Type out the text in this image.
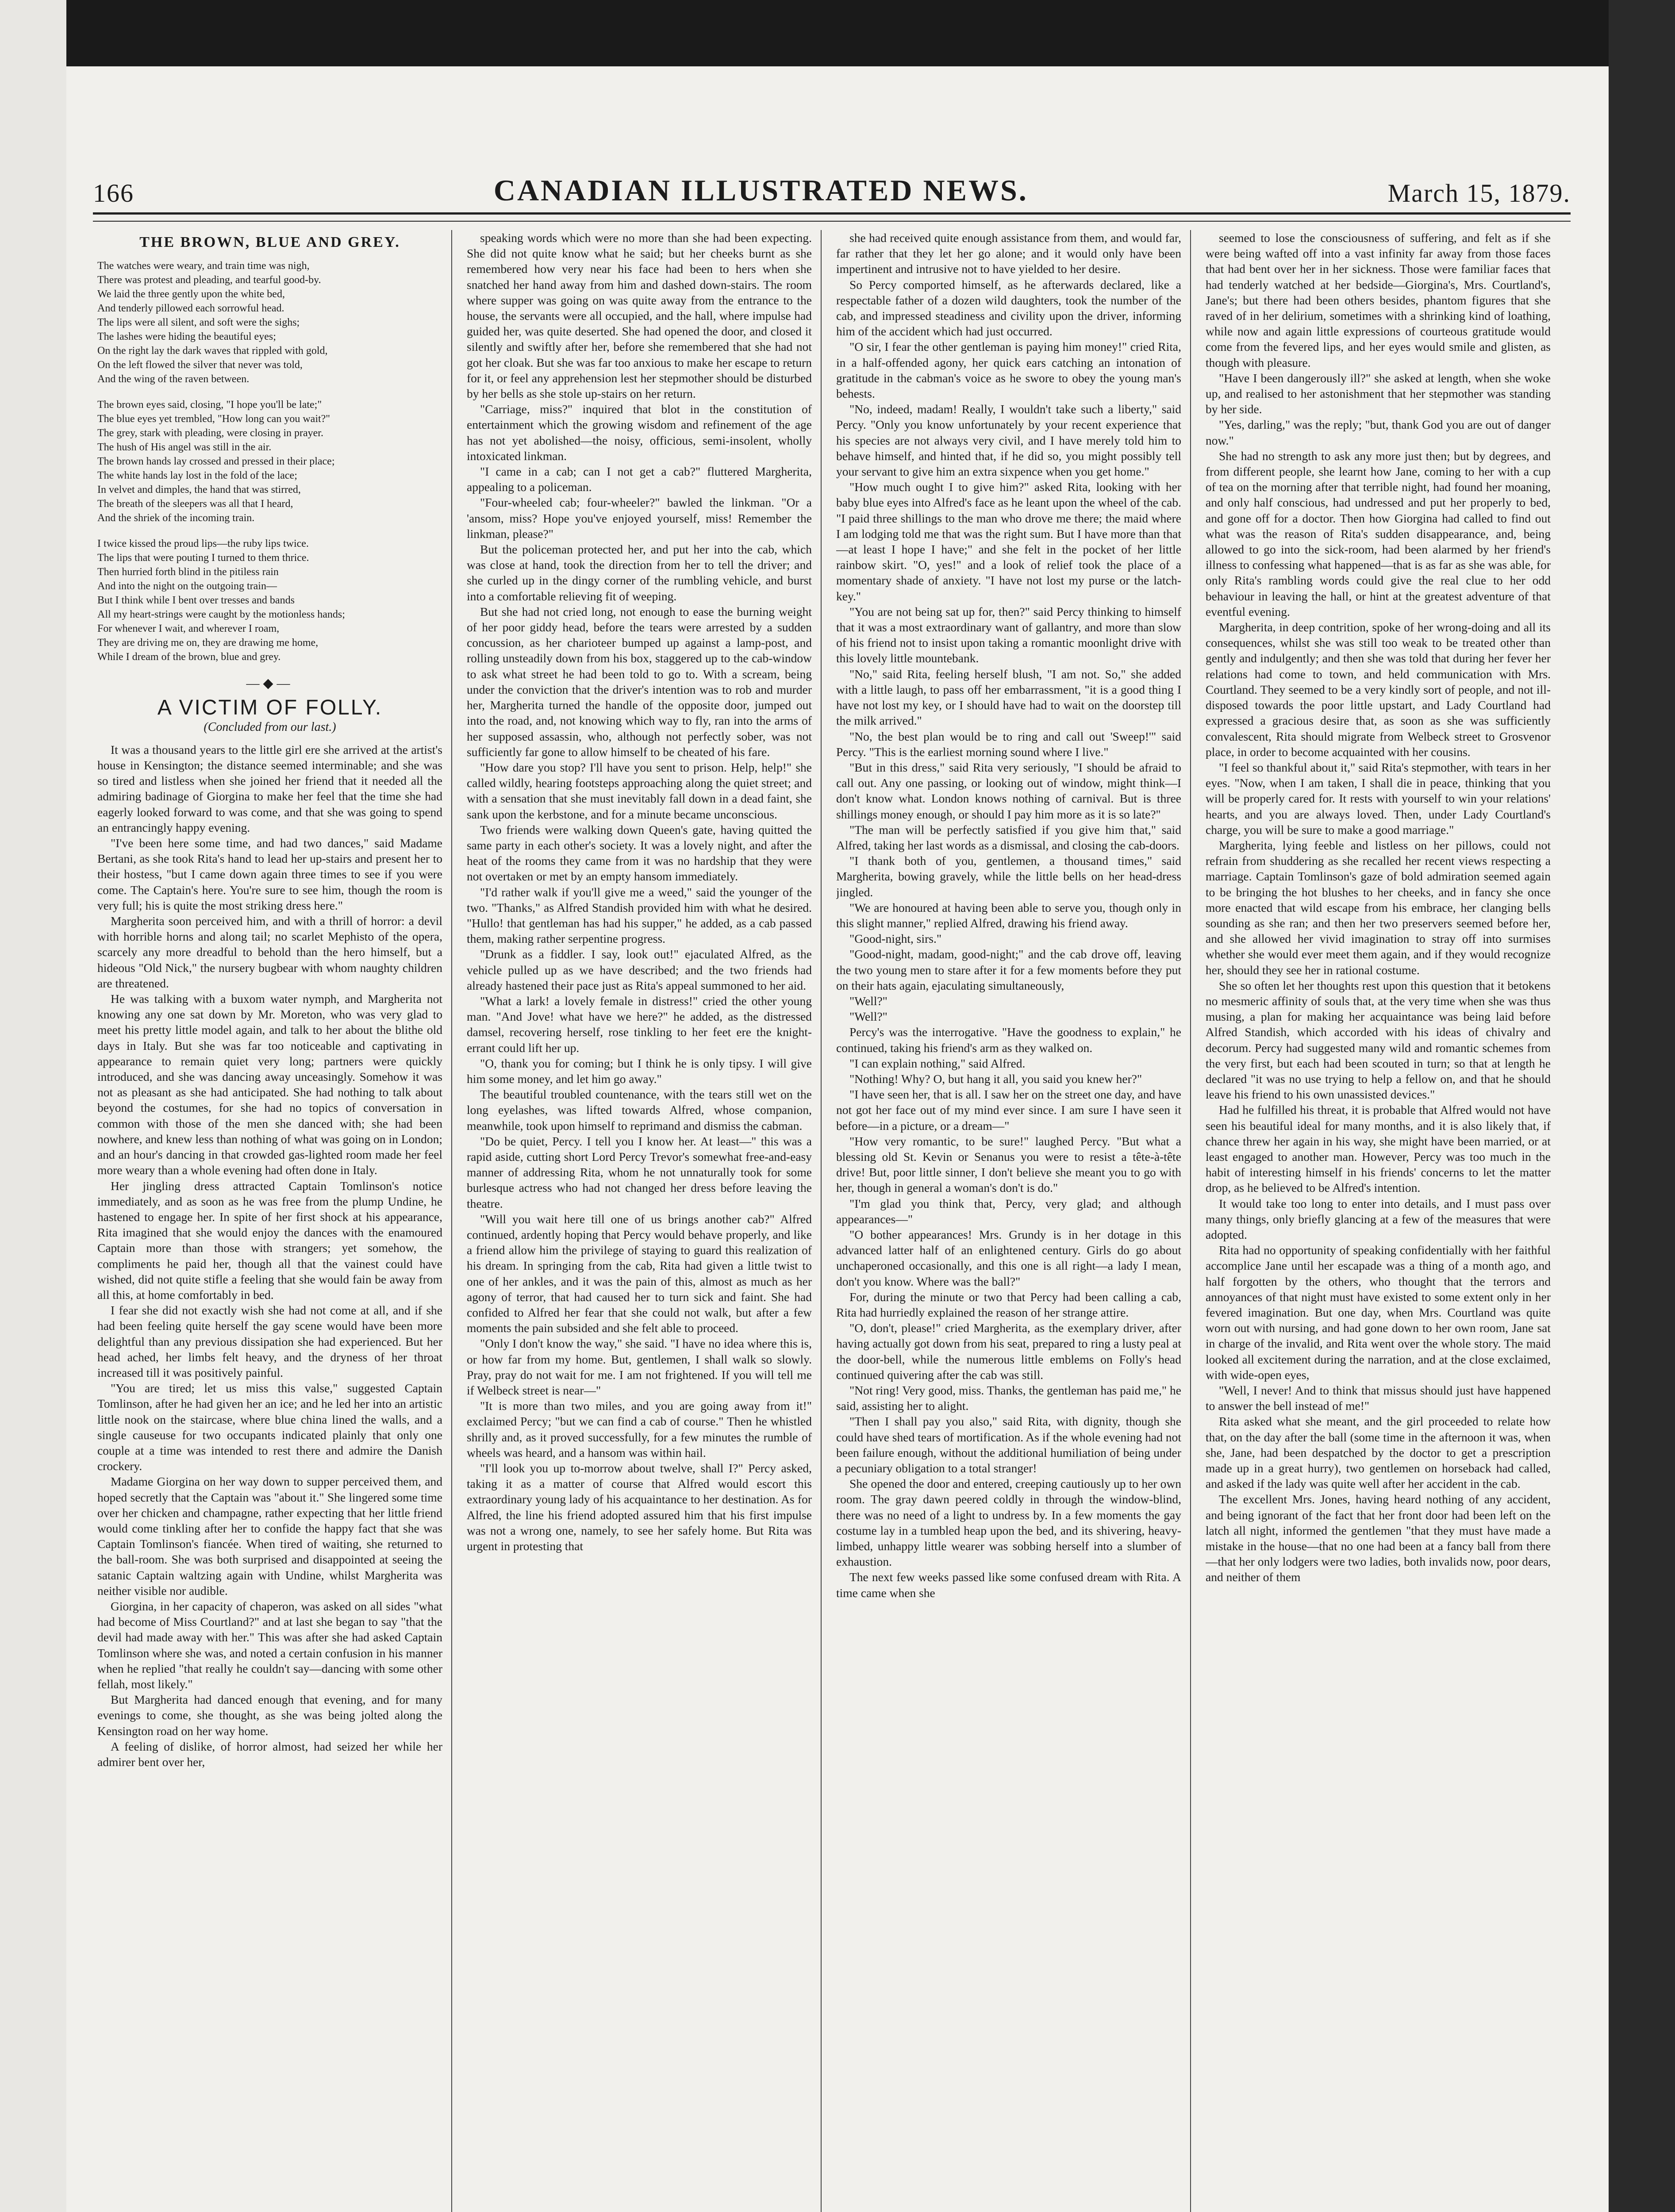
166	CANADIAN ILLUSTRATED NEWS.	March 15, 1879.
THE BROWN, BLUE AND GREY.
The watches were weary, and train time was nigh,
There was protest and pleading, and tearful good-by.
We laid the three gently upon the white bed,
And tenderly pillowed each sorrowful head.
The lips were all silent, and soft were the sighs;
The lashes were hiding the beautiful eyes;
On the right lay the dark waves that rippled with gold,
On the left flowed the silver that never was told,
And the wing of the raven between.
The brown eyes said, closing, "I hope you'll be late;"
The blue eyes yet trembled, "How long can you wait?"
The grey, stark with pleading, were closing in prayer.
The hush of His angel was still in the air.
The brown hands lay crossed and pressed in their place;
The white hands lay lost in the fold of the lace;
In velvet and dimples, the hand that was stirred,
The breath of the sleepers was all that I heard,
And the shriek of the incoming train.
I twice kissed the proud lips—the ruby lips twice.
The lips that were pouting I turned to them thrice.
Then hurried forth blind in the pitiless rain
And into the night on the outgoing train—
But I think while I bent over tresses and bands
All my heart-strings were caught by the motionless hands;
For whenever I wait, and wherever I roam,
They are driving me on, they are drawing me home,
While I dream of the brown, blue and grey.
—◆—
A VICTIM OF FOLLY.
(Concluded from our last.)

It was a thousand years to the little girl ere she arrived at the artist's house in Kensington; the distance seemed interminable; and she was so tired and listless when she joined her friend that it needed all the admiring badinage of Giorgina to make her feel that the time she had eagerly looked forward to was come, and that she was going to spend an entrancingly happy evening.

"I've been here some time, and had two dances," said Madame Bertani, as she took Rita's hand to lead her up-stairs and present her to their hostess, "but I came down again three times to see if you were come. The Captain's here. You're sure to see him, though the room is very full; his is quite the most striking dress here."

Margherita soon perceived him, and with a thrill of horror: a devil with horrible horns and along tail; no scarlet Mephisto of the opera, scarcely any more dreadful to behold than the hero himself, but a hideous "Old Nick," the nursery bugbear with whom naughty children are threatened.

He was talking with a buxom water nymph, and Margherita not knowing any one sat down by Mr. Moreton, who was very glad to meet his pretty little model again, and talk to her about the blithe old days in Italy. But she was far too noticeable and captivating in appearance to remain quiet very long; partners were quickly introduced, and she was dancing away unceasingly. Somehow it was not as pleasant as she had anticipated. She had nothing to talk about beyond the costumes, for she had no topics of conversation in common with those of the men she danced with; she had been nowhere, and knew less than nothing of what was going on in London; and an hour's dancing in that crowded gas-lighted room made her feel more weary than a whole evening had often done in Italy.

Her jingling dress attracted Captain Tomlinson's notice immediately, and as soon as he was free from the plump Undine, he hastened to engage her. In spite of her first shock at his appearance, Rita imagined that she would enjoy the dances with the enamoured Captain more than those with strangers; yet somehow, the compliments he paid her, though all that the vainest could have wished, did not quite stifle a feeling that she would fain be away from all this, at home comfortably in bed.

I fear she did not exactly wish she had not come at all, and if she had been feeling quite herself the gay scene would have been more delightful than any previous dissipation she had experienced. But her head ached, her limbs felt heavy, and the dryness of her throat increased till it was positively painful.

"You are tired; let us miss this valse," suggested Captain Tomlinson, after he had given her an ice; and he led her into an artistic little nook on the staircase, where blue china lined the walls, and a single causeuse for two occupants indicated plainly that only one couple at a time was intended to rest there and admire the Danish crockery.

Madame Giorgina on her way down to supper perceived them, and hoped secretly that the Captain was "about it." She lingered some time over her chicken and champagne, rather expecting that her little friend would come tinkling after her to confide the happy fact that she was Captain Tomlinson's fiancée. When tired of waiting, she returned to the ball-room. She was both surprised and disappointed at seeing the satanic Captain waltzing again with Undine, whilst Margherita was neither visible nor audible.

Giorgina, in her capacity of chaperon, was asked on all sides "what had become of Miss Courtland?" and at last she began to say "that the devil had made away with her." This was after she had asked Captain Tomlinson where she was, and noted a certain confusion in his manner when he replied "that really he couldn't say—dancing with some other fellah, most likely."

But Margherita had danced enough that evening, and for many evenings to come, she thought, as she was being jolted along the Kensington road on her way home.

A feeling of dislike, of horror almost, had seized her while her admirer bent over her,

speaking words which were no more than she had been expecting. She did not quite know what he said; but her cheeks burnt as she remembered how very near his face had been to hers when she snatched her hand away from him and dashed down-stairs. The room where supper was going on was quite away from the entrance to the house, the servants were all occupied, and the hall, where impulse had guided her, was quite deserted. She had opened the door, and closed it silently and swiftly after her, before she remembered that she had not got her cloak. But she was far too anxious to make her escape to return for it, or feel any apprehension lest her stepmother should be disturbed by her bells as she stole up-stairs on her return.

"Carriage, miss?" inquired that blot in the constitution of entertainment which the growing wisdom and refinement of the age has not yet abolished—the noisy, officious, semi-insolent, wholly intoxicated linkman.

"I came in a cab; can I not get a cab?" fluttered Margherita, appealing to a policeman.

"Four-wheeled cab; four-wheeler?" bawled the linkman. "Or a 'ansom, miss? Hope you've enjoyed yourself, miss! Remember the linkman, please?"

But the policeman protected her, and put her into the cab, which was close at hand, took the direction from her to tell the driver; and she curled up in the dingy corner of the rumbling vehicle, and burst into a comfortable relieving fit of weeping.

But she had not cried long, not enough to ease the burning weight of her poor giddy head, before the tears were arrested by a sudden concussion, as her charioteer bumped up against a lamp-post, and rolling unsteadily down from his box, staggered up to the cab-window to ask what street he had been told to go to. With a scream, being under the conviction that the driver's intention was to rob and murder her, Margherita turned the handle of the opposite door, jumped out into the road, and, not knowing which way to fly, ran into the arms of her supposed assassin, who, although not perfectly sober, was not sufficiently far gone to allow himself to be cheated of his fare.

"How dare you stop? I'll have you sent to prison. Help, help!" she called wildly, hearing footsteps approaching along the quiet street; and with a sensation that she must inevitably fall down in a dead faint, she sank upon the kerbstone, and for a minute became unconscious.

Two friends were walking down Queen's gate, having quitted the same party in each other's society. It was a lovely night, and after the heat of the rooms they came from it was no hardship that they were not overtaken or met by an empty hansom immediately.

"I'd rather walk if you'll give me a weed," said the younger of the two. "Thanks," as Alfred Standish provided him with what he desired. "Hullo! that gentleman has had his supper," he added, as a cab passed them, making rather serpentine progress.

"Drunk as a fiddler. I say, look out!" ejaculated Alfred, as the vehicle pulled up as we have described; and the two friends had already hastened their pace just as Rita's appeal summoned to her aid.

"What a lark! a lovely female in distress!" cried the other young man. "And Jove! what have we here?" he added, as the distressed damsel, recovering herself, rose tinkling to her feet ere the knight-errant could lift her up.

"O, thank you for coming; but I think he is only tipsy. I will give him some money, and let him go away."

The beautiful troubled countenance, with the tears still wet on the long eyelashes, was lifted towards Alfred, whose companion, meanwhile, took upon himself to reprimand and dismiss the cabman.

"Do be quiet, Percy. I tell you I know her. At least—" this was a rapid aside, cutting short Lord Percy Trevor's somewhat free-and-easy manner of addressing Rita, whom he not unnaturally took for some burlesque actress who had not changed her dress before leaving the theatre.

"Will you wait here till one of us brings another cab?" Alfred continued, ardently hoping that Percy would behave properly, and like a friend allow him the privilege of staying to guard this realization of his dream. In springing from the cab, Rita had given a little twist to one of her ankles, and it was the pain of this, almost as much as her agony of terror, that had caused her to turn sick and faint. She had confided to Alfred her fear that she could not walk, but after a few moments the pain subsided and she felt able to proceed.

"Only I don't know the way," she said. "I have no idea where this is, or how far from my home. But, gentlemen, I shall walk so slowly. Pray, pray do not wait for me. I am not frightened. If you will tell me if Welbeck street is near—"

"It is more than two miles, and you are going away from it!" exclaimed Percy; "but we can find a cab of course." Then he whistled shrilly and, as it proved successfully, for a few minutes the rumble of wheels was heard, and a hansom was within hail.

"I'll look you up to-morrow about twelve, shall I?" Percy asked, taking it as a matter of course that Alfred would escort this extraordinary young lady of his acquaintance to her destination. As for Alfred, the line his friend adopted assured him that his first impulse was not a wrong one, namely, to see her safely home. But Rita was urgent in protesting that

she had received quite enough assistance from them, and would far, far rather that they let her go alone; and it would only have been impertinent and intrusive not to have yielded to her desire.

So Percy comported himself, as he afterwards declared, like a respectable father of a dozen wild daughters, took the number of the cab, and impressed steadiness and civility upon the driver, informing him of the accident which had just occurred.

"O sir, I fear the other gentleman is paying him money!" cried Rita, in a half-offended agony, her quick ears catching an intonation of gratitude in the cabman's voice as he swore to obey the young man's behests.

"No, indeed, madam! Really, I wouldn't take such a liberty," said Percy. "Only you know unfortunately by your recent experience that his species are not always very civil, and I have merely told him to behave himself, and hinted that, if he did so, you might possibly tell your servant to give him an extra sixpence when you get home."

"How much ought I to give him?" asked Rita, looking with her baby blue eyes into Alfred's face as he leant upon the wheel of the cab. "I paid three shillings to the man who drove me there; the maid where I am lodging told me that was the right sum. But I have more than that—at least I hope I have;" and she felt in the pocket of her little rainbow skirt. "O, yes!" and a look of relief took the place of a momentary shade of anxiety. "I have not lost my purse or the latch-key."

"You are not being sat up for, then?" said Percy thinking to himself that it was a most extraordinary want of gallantry, and more than slow of his friend not to insist upon taking a romantic moonlight drive with this lovely little mountebank.

"No," said Rita, feeling herself blush, "I am not. So," she added with a little laugh, to pass off her embarrassment, "it is a good thing I have not lost my key, or I should have had to wait on the doorstep till the milk arrived."

"No, the best plan would be to ring and call out 'Sweep!'" said Percy. "This is the earliest morning sound where I live."

"But in this dress," said Rita very seriously, "I should be afraid to call out. Any one passing, or looking out of window, might think—I don't know what. London knows nothing of carnival. But is three shillings money enough, or should I pay him more as it is so late?"

"The man will be perfectly satisfied if you give him that," said Alfred, taking her last words as a dismissal, and closing the cab-doors.

"I thank both of you, gentlemen, a thousand times," said Margherita, bowing gravely, while the little bells on her head-dress jingled.

"We are honoured at having been able to serve you, though only in this slight manner," replied Alfred, drawing his friend away.

"Good-night, sirs."

"Good-night, madam, good-night;" and the cab drove off, leaving the two young men to stare after it for a few moments before they put on their hats again, ejaculating simultaneously,

"Well?"

"Well?"

Percy's was the interrogative. "Have the goodness to explain," he continued, taking his friend's arm as they walked on.

"I can explain nothing," said Alfred.

"Nothing! Why? O, but hang it all, you said you knew her?"

"I have seen her, that is all. I saw her on the street one day, and have not got her face out of my mind ever since. I am sure I have seen it before—in a picture, or a dream—"

"How very romantic, to be sure!" laughed Percy. "But what a blessing old St. Kevin or Senanus you were to resist a tête-à-tête drive! But, poor little sinner, I don't believe she meant you to go with her, though in general a woman's don't is do."

"I'm glad you think that, Percy, very glad; and although appearances—"

"O bother appearances! Mrs. Grundy is in her dotage in this advanced latter half of an enlightened century. Girls do go about unchaperoned occasionally, and this one is all right—a lady I mean, don't you know. Where was the ball?"

For, during the minute or two that Percy had been calling a cab, Rita had hurriedly explained the reason of her strange attire.

"O, don't, please!" cried Margherita, as the exemplary driver, after having actually got down from his seat, prepared to ring a lusty peal at the door-bell, while the numerous little emblems on Folly's head continued quivering after the cab was still.

"Not ring! Very good, miss. Thanks, the gentleman has paid me," he said, assisting her to alight.

"Then I shall pay you also," said Rita, with dignity, though she could have shed tears of mortification. As if the whole evening had not been failure enough, without the additional humiliation of being under a pecuniary obligation to a total stranger!

She opened the door and entered, creeping cautiously up to her own room. The gray dawn peered coldly in through the window-blind, there was no need of a light to undress by. In a few moments the gay costume lay in a tumbled heap upon the bed, and its shivering, heavy-limbed, unhappy little wearer was sobbing herself into a slumber of exhaustion.

The next few weeks passed like some confused dream with Rita. A time came when she

seemed to lose the consciousness of suffering, and felt as if she were being wafted off into a vast infinity far away from those faces that had bent over her in her sickness. Those were familiar faces that had tenderly watched at her bedside—Giorgina's, Mrs. Courtland's, Jane's; but there had been others besides, phantom figures that she raved of in her delirium, sometimes with a shrinking kind of loathing, while now and again little expressions of courteous gratitude would come from the fevered lips, and her eyes would smile and glisten, as though with pleasure.

"Have I been dangerously ill?" she asked at length, when she woke up, and realised to her astonishment that her stepmother was standing by her side.

"Yes, darling," was the reply; "but, thank God you are out of danger now."

She had no strength to ask any more just then; but by degrees, and from different people, she learnt how Jane, coming to her with a cup of tea on the morning after that terrible night, had found her moaning, and only half conscious, had undressed and put her properly to bed, and gone off for a doctor. Then how Giorgina had called to find out what was the reason of Rita's sudden disappearance, and, being allowed to go into the sick-room, had been alarmed by her friend's illness to confessing what happened—that is as far as she was able, for only Rita's rambling words could give the real clue to her odd behaviour in leaving the hall, or hint at the greatest adventure of that eventful evening.

Margherita, in deep contrition, spoke of her wrong-doing and all its consequences, whilst she was still too weak to be treated other than gently and indulgently; and then she was told that during her fever her relations had come to town, and held communication with Mrs. Courtland. They seemed to be a very kindly sort of people, and not ill-disposed towards the poor little upstart, and Lady Courtland had expressed a gracious desire that, as soon as she was sufficiently convalescent, Rita should migrate from Welbeck street to Grosvenor place, in order to become acquainted with her cousins.

"I feel so thankful about it," said Rita's stepmother, with tears in her eyes. "Now, when I am taken, I shall die in peace, thinking that you will be properly cared for. It rests with yourself to win your relations' hearts, and you are always loved. Then, under Lady Courtland's charge, you will be sure to make a good marriage."

Margherita, lying feeble and listless on her pillows, could not refrain from shuddering as she recalled her recent views respecting a marriage. Captain Tomlinson's gaze of bold admiration seemed again to be bringing the hot blushes to her cheeks, and in fancy she once more enacted that wild escape from his embrace, her clanging bells sounding as she ran; and then her two preservers seemed before her, and she allowed her vivid imagination to stray off into surmises whether she would ever meet them again, and if they would recognize her, should they see her in rational costume.

She so often let her thoughts rest upon this question that it betokens no mesmeric affinity of souls that, at the very time when she was thus musing, a plan for making her acquaintance was being laid before Alfred Standish, which accorded with his ideas of chivalry and decorum. Percy had suggested many wild and romantic schemes from the very first, but each had been scouted in turn; so that at length he declared "it was no use trying to help a fellow on, and that he should leave his friend to his own unassisted devices."

Had he fulfilled his threat, it is probable that Alfred would not have seen his beautiful ideal for many months, and it is also likely that, if chance threw her again in his way, she might have been married, or at least engaged to another man. However, Percy was too much in the habit of interesting himself in his friends' concerns to let the matter drop, as he believed to be Alfred's intention.

It would take too long to enter into details, and I must pass over many things, only briefly glancing at a few of the measures that were adopted.

Rita had no opportunity of speaking confidentially with her faithful accomplice Jane until her escapade was a thing of a month ago, and half forgotten by the others, who thought that the terrors and annoyances of that night must have existed to some extent only in her fevered imagination. But one day, when Mrs. Courtland was quite worn out with nursing, and had gone down to her own room, Jane sat in charge of the invalid, and Rita went over the whole story. The maid looked all excitement during the narration, and at the close exclaimed, with wide-open eyes,

"Well, I never! And to think that missus should just have happened to answer the bell instead of me!"

Rita asked what she meant, and the girl proceeded to relate how that, on the day after the ball (some time in the afternoon it was, when she, Jane, had been despatched by the doctor to get a prescription made up in a great hurry), two gentlemen on horseback had called, and asked if the lady was quite well after her accident in the cab.

The excellent Mrs. Jones, having heard nothing of any accident, and being ignorant of the fact that her front door had been left on the latch all night, informed the gentlemen "that they must have made a mistake in the house—that no one had been at a fancy ball from there—that her only lodgers were two ladies, both invalids now, poor dears, and neither of them
